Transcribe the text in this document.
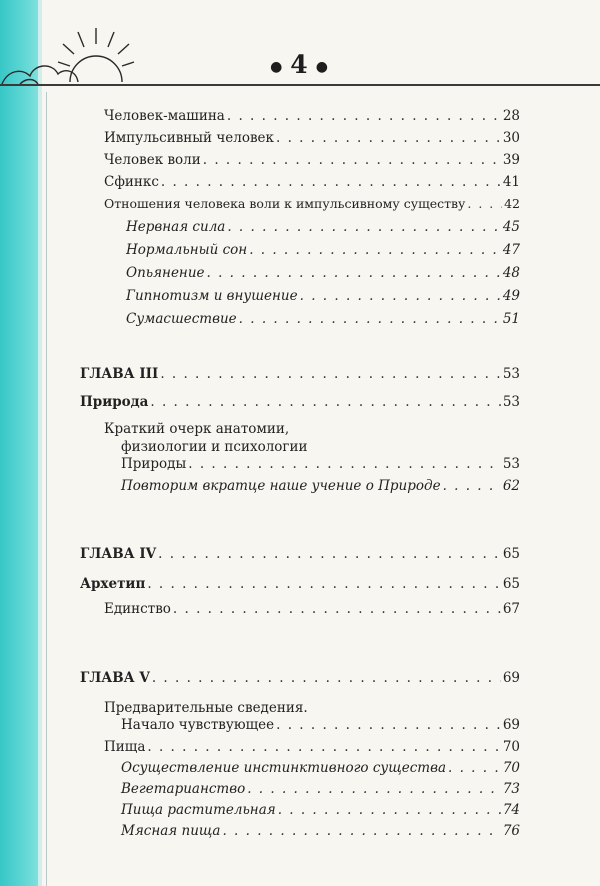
● 4 ●
Человек-машина . . .	28
Импульсивный человек . . .	30
Человек воли . . .	39
Сфинкс . . .	41
Отношения человека воли к импульсивному существу . . .	42
Нервная сила . . .	45
Нормальный сон . . .	47
Опьянение . . .	48
Гипнотизм и внушение . . .	49
Сумасшествие . . .	51
ГЛАВА III . . .	53
Природа . . .	53
Краткий очерк анатомии,
физиологии и психологии
Природы . . .	53
Повторим вкратце наше учение о Природе . . .	62
ГЛАВА IV . . .	65
Архетип . . .	65
Единство . . .	67
ГЛАВА V . . .	69
Предварительные сведения.
Начало чувствующее . . .	69
Пища . . .	70
Осуществление инстинктивного существа . . .	70
Вегетарианство . . .	73
Пища растительная . . .	74
Мясная пища . . .	76
